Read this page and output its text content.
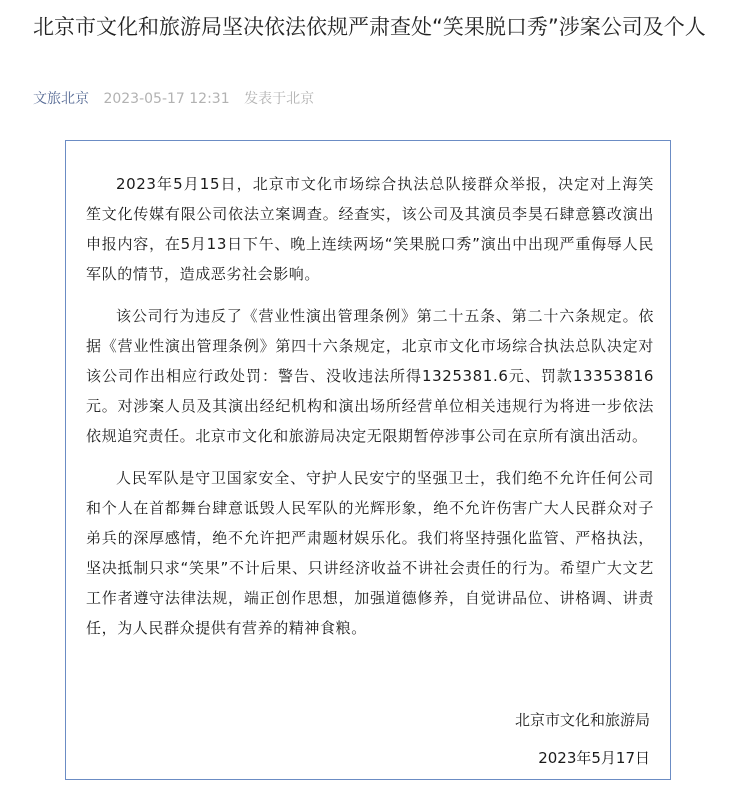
北京市文化和旅游局坚决依法依规严肃查处“笑果脱口秀”涉案公司及个人
文旅北京 2023-05-17 12:31 发表于北京

2023年5月15日，北京市文化市场综合执法总队接群众举报，决定对上海笑笙文化传媒有限公司依法立案调查。经查实，该公司及其演员李昊石肆意篡改演出申报内容，在5月13日下午、晚上连续两场“笑果脱口秀”演出中出现严重侮辱人民军队的情节，造成恶劣社会影响。

该公司行为违反了《营业性演出管理条例》第二十五条、第二十六条规定。依据《营业性演出管理条例》第四十六条规定，北京市文化市场综合执法总队决定对该公司作出相应行政处罚：警告、没收违法所得1325381.6元、罚款13353816元。对涉案人员及其演出经纪机构和演出场所经营单位相关违规行为将进一步依法依规追究责任。北京市文化和旅游局决定无限期暂停涉事公司在京所有演出活动。

人民军队是守卫国家安全、守护人民安宁的坚强卫士，我们绝不允许任何公司和个人在首都舞台肆意诋毁人民军队的光辉形象，绝不允许伤害广大人民群众对子弟兵的深厚感情，绝不允许把严肃题材娱乐化。我们将坚持强化监管、严格执法，坚决抵制只求“笑果”不计后果、只讲经济收益不讲社会责任的行为。希望广大文艺工作者遵守法律法规，端正创作思想，加强道德修养，自觉讲品位、讲格调、讲责任，为人民群众提供有营养的精神食粮。

北京市文化和旅游局
2023年5月17日
